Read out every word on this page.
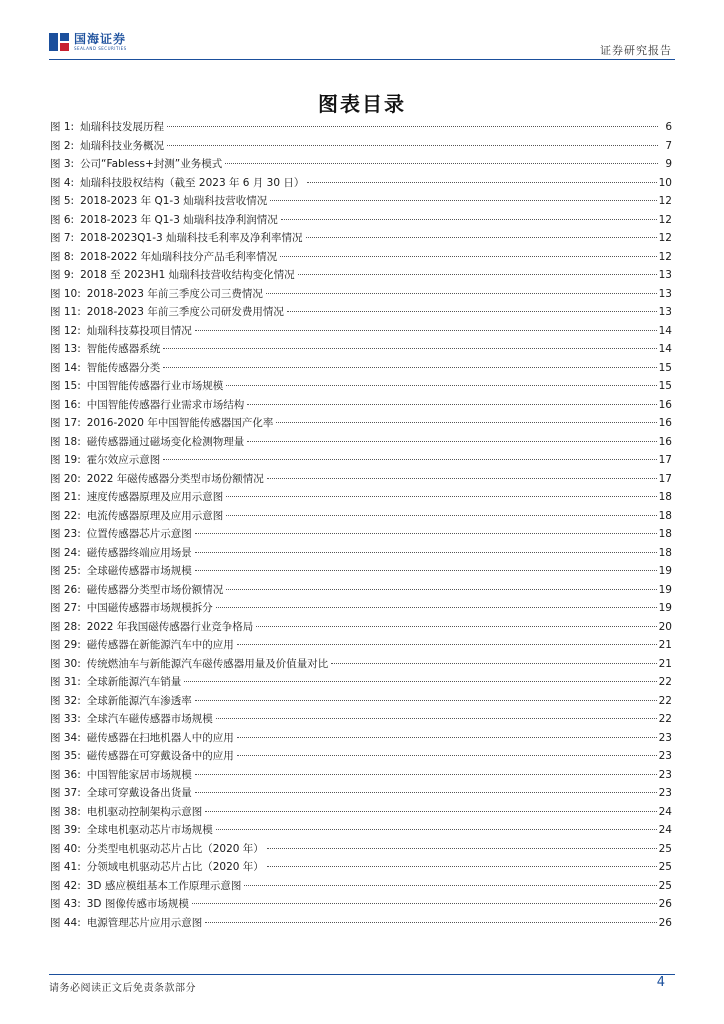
国海证券
SEALAND SECURITIES	证券研究报告
图表目录
图 1: 灿瑞科技发展历程	6
图 2: 灿瑞科技业务概况	7
图 3: 公司“Fabless+封测”业务模式	9
图 4: 灿瑞科技股权结构（截至 2023 年 6 月 30 日）	10
图 5: 2018-2023 年 Q1-3 灿瑞科技营收情况	12
图 6: 2018-2023 年 Q1-3 灿瑞科技净利润情况	12
图 7: 2018-2023Q1-3 灿瑞科技毛利率及净利率情况	12
图 8: 2018-2022 年灿瑞科技分产品毛利率情况	12
图 9: 2018 至 2023H1 灿瑞科技营收结构变化情况	13
图 10: 2018-2023 年前三季度公司三费情况	13
图 11: 2018-2023 年前三季度公司研发费用情况	13
图 12: 灿瑞科技募投项目情况	14
图 13: 智能传感器系统	14
图 14: 智能传感器分类	15
图 15: 中国智能传感器行业市场规模	15
图 16: 中国智能传感器行业需求市场结构	16
图 17: 2016-2020 年中国智能传感器国产化率	16
图 18: 磁传感器通过磁场变化检测物理量	16
图 19: 霍尔效应示意图	17
图 20: 2022 年磁传感器分类型市场份额情况	17
图 21: 速度传感器原理及应用示意图	18
图 22: 电流传感器原理及应用示意图	18
图 23: 位置传感器芯片示意图	18
图 24: 磁传感器终端应用场景	18
图 25: 全球磁传感器市场规模	19
图 26: 磁传感器分类型市场份额情况	19
图 27: 中国磁传感器市场规模拆分	19
图 28: 2022 年我国磁传感器行业竞争格局	20
图 29: 磁传感器在新能源汽车中的应用	21
图 30: 传统燃油车与新能源汽车磁传感器用量及价值量对比	21
图 31: 全球新能源汽车销量	22
图 32: 全球新能源汽车渗透率	22
图 33: 全球汽车磁传感器市场规模	22
图 34: 磁传感器在扫地机器人中的应用	23
图 35: 磁传感器在可穿戴设备中的应用	23
图 36: 中国智能家居市场规模	23
图 37: 全球可穿戴设备出货量	23
图 38: 电机驱动控制架构示意图	24
图 39: 全球电机驱动芯片市场规模	24
图 40: 分类型电机驱动芯片占比（2020 年）	25
图 41: 分领域电机驱动芯片占比（2020 年）	25
图 42: 3D 感应模组基本工作原理示意图	25
图 43: 3D 图像传感市场规模	26
图 44: 电源管理芯片应用示意图	26
请务必阅读正文后免责条款部分	4
